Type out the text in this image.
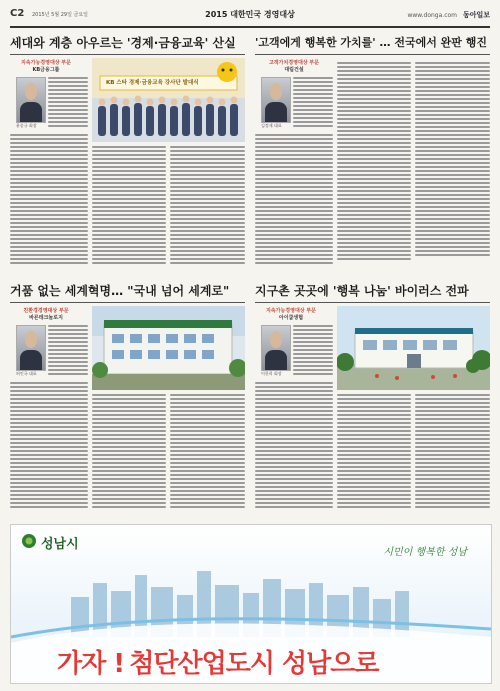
C2 2015년 5월 29일 금요일	2015 대한민국 경영대상	www.donga.com 동아일보
세대와 계층 아우르는 '경제·금융교육' 산실
지속가능경영대상 부문
KB금융그룹
윤종규 회장
KB 스타 경제·금융교육 강사단 발대식
'고객에게 행복한 가치를' … 전국에서 완판 행진
고객가치경영대상 부문
대림건설
김정재 대표
거품 없는 세계혁명… "국내 넘어 세계로"
친환경경영대상 부문
바른테크놀로지
허인국 대표
지구촌 곳곳에 '행복 나눔' 바이러스 전파
지속가능경영대상 부문
아이쿱생협
이한희 회장
성남시
시민이 행복한 성남
가자 ! 첨단산업도시 성남으로
